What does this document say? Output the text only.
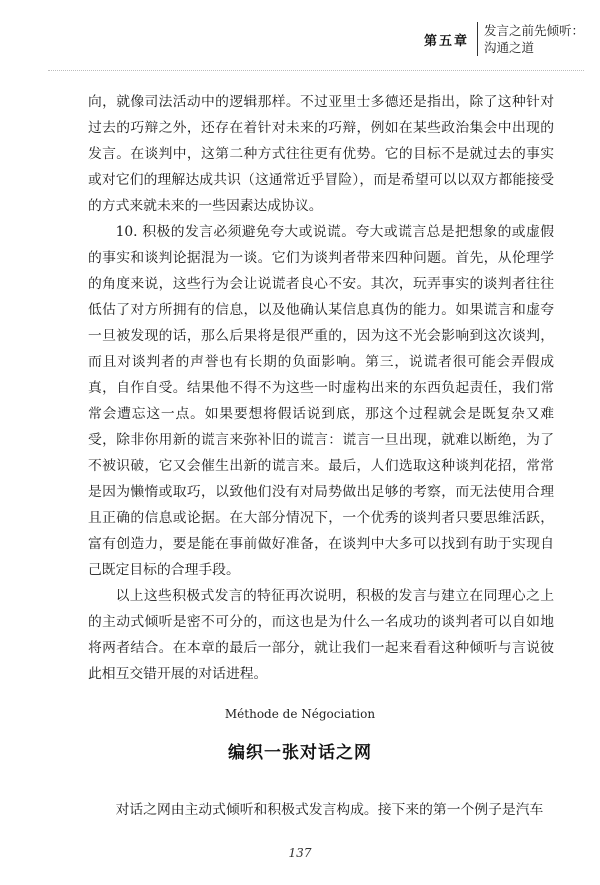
第五章
发言之前先倾听：
沟通之道

向，就像司法活动中的逻辑那样。不过亚里士多德还是指出，除了这种针对过去的巧辩之外，还存在着针对未来的巧辩，例如在某些政治集会中出现的发言。在谈判中，这第二种方式往往更有优势。它的目标不是就过去的事实或对它们的理解达成共识（这通常近乎冒险），而是希望可以以双方都能接受的方式来就未来的一些因素达成协议。

10. 积极的发言必须避免夸大或说谎。夸大或谎言总是把想象的或虚假的事实和谈判论据混为一谈。它们为谈判者带来四种问题。首先，从伦理学的角度来说，这些行为会让说谎者良心不安。其次，玩弄事实的谈判者往往低估了对方所拥有的信息，以及他确认某信息真伪的能力。如果谎言和虚夸一旦被发现的话，那么后果将是很严重的，因为这不光会影响到这次谈判，而且对谈判者的声誉也有长期的负面影响。第三，说谎者很可能会弄假成真，自作自受。结果他不得不为这些一时虚构出来的东西负起责任，我们常常会遭忘这一点。如果要想将假话说到底，那这个过程就会是既复杂又难受，除非你用新的谎言来弥补旧的谎言：谎言一旦出现，就难以断绝，为了不被识破，它又会催生出新的谎言来。最后，人们选取这种谈判花招，常常是因为懒惰或取巧，以致他们没有对局势做出足够的考察，而无法使用合理且正确的信息或论据。在大部分情况下，一个优秀的谈判者只要思维活跃，富有创造力，要是能在事前做好准备，在谈判中大多可以找到有助于实现自己既定目标的合理手段。

以上这些积极式发言的特征再次说明，积极的发言与建立在同理心之上的主动式倾听是密不可分的，而这也是为什么一名成功的谈判者可以自如地将两者结合。在本章的最后一部分，就让我们一起来看看这种倾听与言说彼此相互交错开展的对话进程。

Méthode de Négociation
编织一张对话之网

对话之网由主动式倾听和积极式发言构成。接下来的第一个例子是汽车

137
